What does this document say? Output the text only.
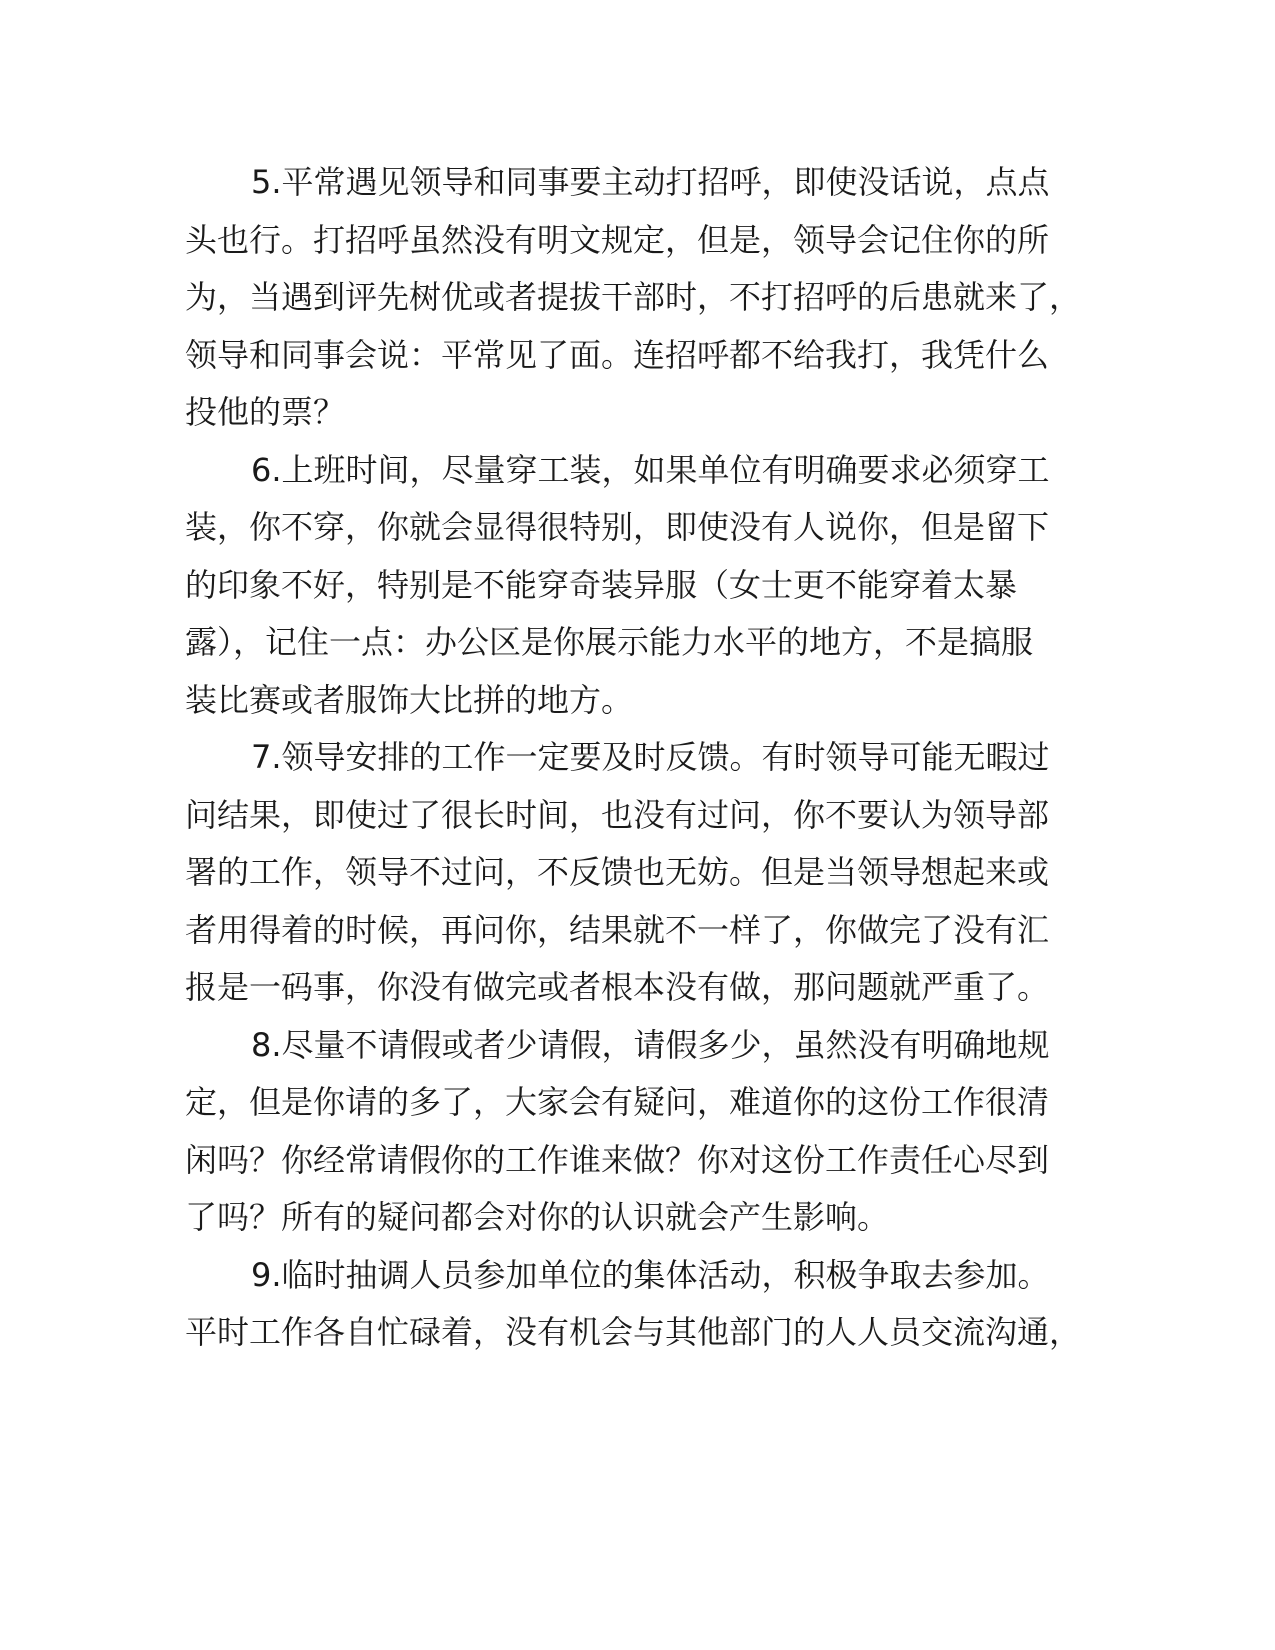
5.平常遇见领导和同事要主动打招呼，即使没话说，点点
头也行。打招呼虽然没有明文规定，但是，领导会记住你的所
为，当遇到评先树优或者提拔干部时，不打招呼的后患就来了，
领导和同事会说：平常见了面。连招呼都不给我打，我凭什么
投他的票？

6.上班时间，尽量穿工装，如果单位有明确要求必须穿工
装，你不穿，你就会显得很特别，即使没有人说你，但是留下
的印象不好，特别是不能穿奇装异服（女士更不能穿着太暴
露），记住一点：办公区是你展示能力水平的地方，不是搞服
装比赛或者服饰大比拼的地方。

7.领导安排的工作一定要及时反馈。有时领导可能无暇过
问结果，即使过了很长时间，也没有过问，你不要认为领导部
署的工作，领导不过问，不反馈也无妨。但是当领导想起来或
者用得着的时候，再问你，结果就不一样了，你做完了没有汇
报是一码事，你没有做完或者根本没有做，那问题就严重了。

8.尽量不请假或者少请假，请假多少，虽然没有明确地规
定，但是你请的多了，大家会有疑问，难道你的这份工作很清
闲吗？你经常请假你的工作谁来做？你对这份工作责任心尽到
了吗？所有的疑问都会对你的认识就会产生影响。

9.临时抽调人员参加单位的集体活动，积极争取去参加。
平时工作各自忙碌着，没有机会与其他部门的人人员交流沟通，
